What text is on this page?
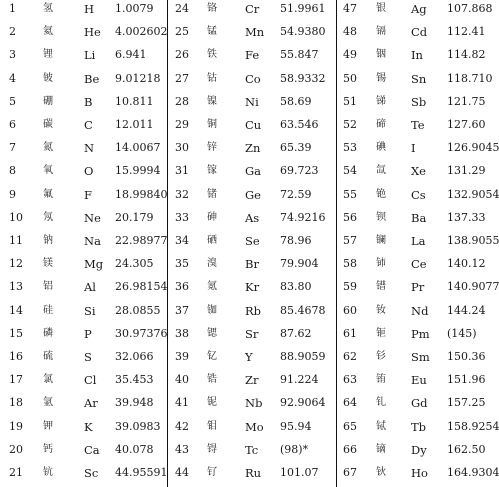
1	氢	H 1.0079
2	氦	He 4.002602
3	锂	Li 6.941
4	铍	Be 9.01218
5	硼	B 10.811
6	碳	C 12.011
7	氮	N 14.0067
8	氧	O 15.9994
9	氟	F 18.99840
10 氖	Ne 20.179
11 钠	Na 22.98977
12 镁	Mg 24.305
13 铝	Al 26.98154
14 硅	Si 28.0855
15 磷	P 30.97376
16 硫	S 32.066
17 氯	Cl 35.453
18 氩	Ar 39.948
19 钾	K 39.0983
20 钙	Ca 40.078
21 钪	Sc 44.95591
24 铬 Cr 51.9961
25 锰 Mn 54.9380
26 铁 Fe 55.847
27 钴 Co 58.9332
28 镍 Ni 58.69
29 铜 Cu 63.546
30 锌 Zn 65.39
31 镓 Ga 69.723
32 锗 Ge 72.59
33 砷 As 74.9216
34 硒 Se 78.96
35 溴 Br 79.904
36 氪 Kr 83.80
37 铷 Rb 85.4678
38 锶 Sr 87.62
39 钇 Y 88.9059
40 锆 Zr 91.224
41 铌 Nb 92.9064
42 钼 Mo 95.94
43 锝 Tc (98)*
44 钌 Ru 101.07
47 银 Ag 107.868
48 镉 Cd 112.41
49 铟 In 114.82
50 锡 Sn 118.710
51 锑 Sb 121.75
52 碲 Te 127.60
53 碘 I	126.9045
54 氙 Xe 131.29
55 铯 Cs 132.9054
56 钡 Ba 137.33
57 镧 La 138.9055
58 铈 Ce 140.12
59 镨 Pr 140.9077
60 钕 Nd 144.24
61 钷 Pm (145)
62 钐 Sm 150.36
63 铕 Eu 151.96
64 钆 Gd 157.25
65 铽 Tb 158.9254
66 镝 Dy 162.50
67 钬 Ho 164.9304
